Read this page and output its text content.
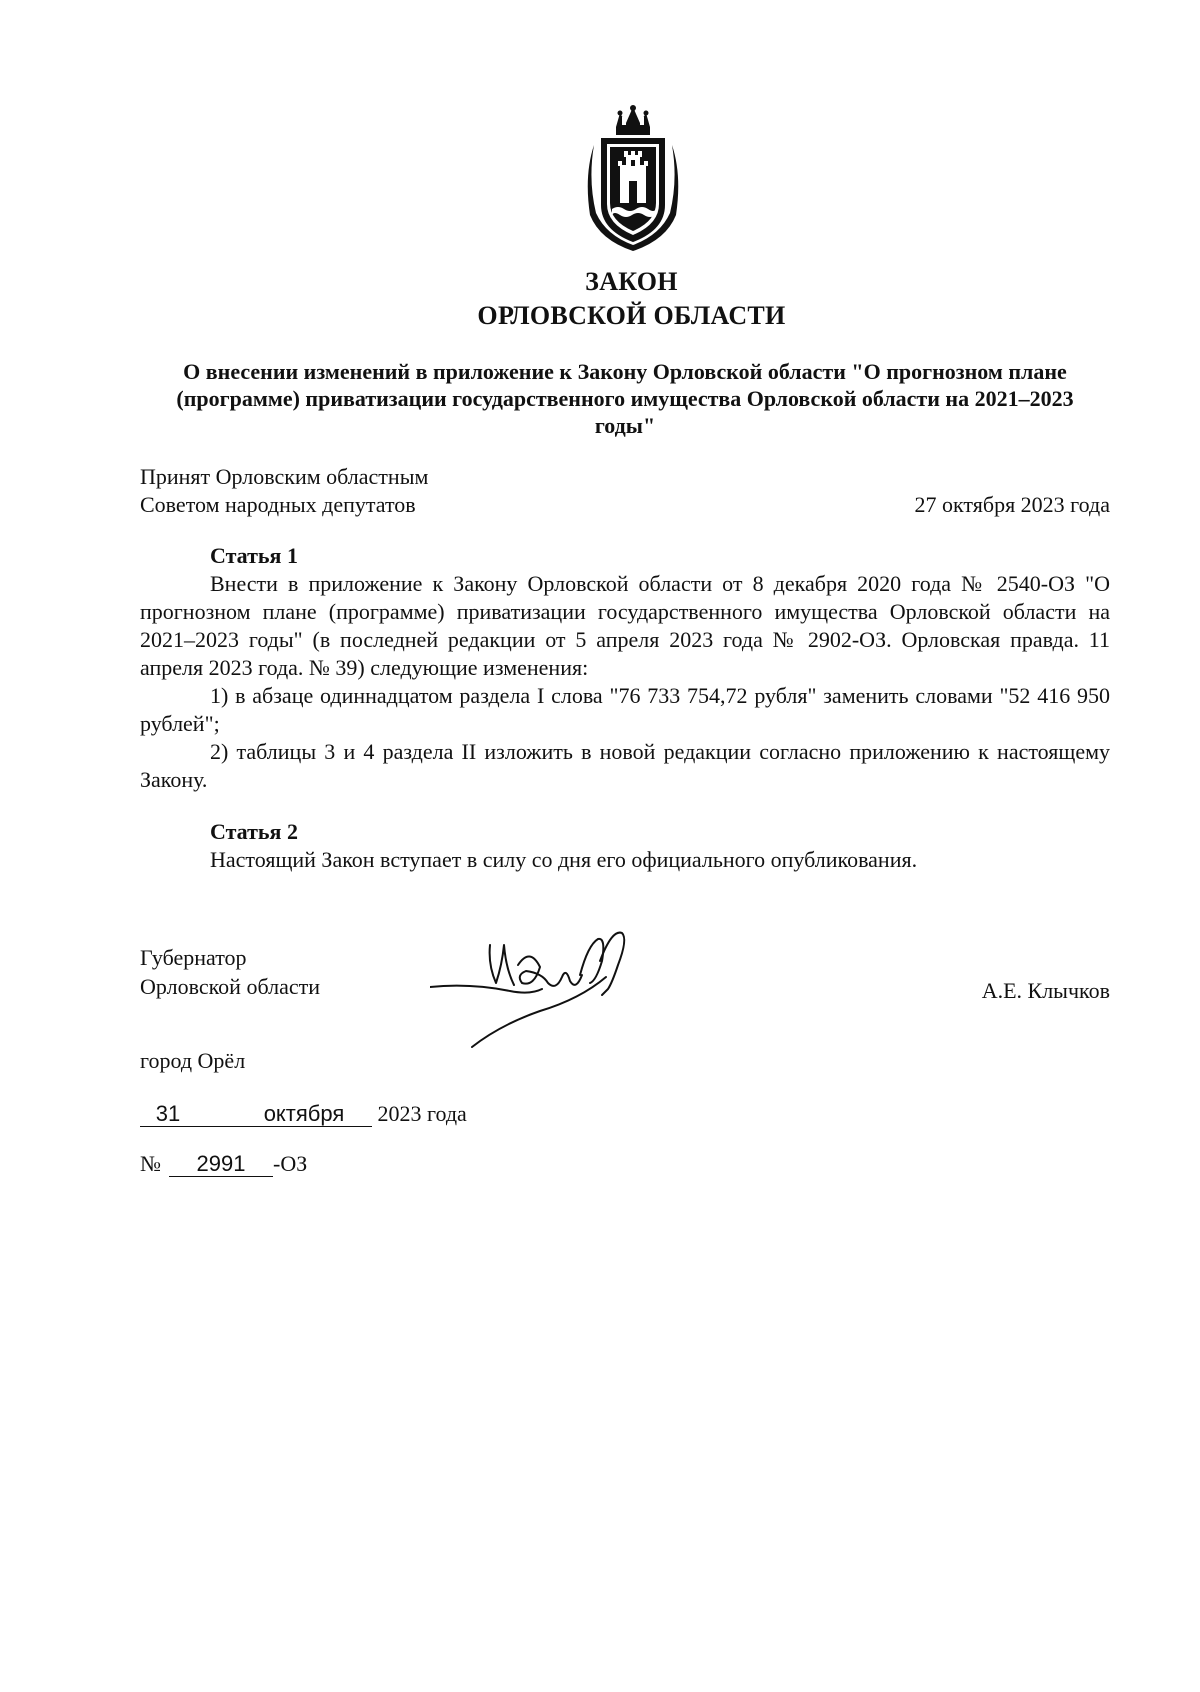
ЗАКОН
ОРЛОВСКОЙ ОБЛАСТИ
О внесении изменений в приложение к Закону Орловской области "О прогнозном плане (программе) приватизации государственного имущества Орловской области на 2021–2023 годы"
Принят Орловским областным
Советом народных депутатов	27 октября 2023 года
Статья 1

Внести в приложение к Закону Орловской области от 8 декабря 2020 года № 2540-ОЗ "О прогнозном плане (программе) приватизации государственного имущества Орловской области на 2021–2023 годы" (в последней редакции от 5 апреля 2023 года № 2902-ОЗ. Орловская правда. 11 апреля 2023 года. № 39) следующие изменения:

1) в абзаце одиннадцатом раздела I слова "76 733 754,72 рубля" заменить словами "52 416 950 рублей";

2) таблицы 3 и 4 раздела II изложить в новой редакции согласно приложению к настоящему Закону.

Статья 2

Настоящий Закон вступает в силу со дня его официального опубликования.

Губернатор
Орловской области	А.Е. Клычков
город Орёл
31	октября 2023 года
№ 2991 -ОЗ
